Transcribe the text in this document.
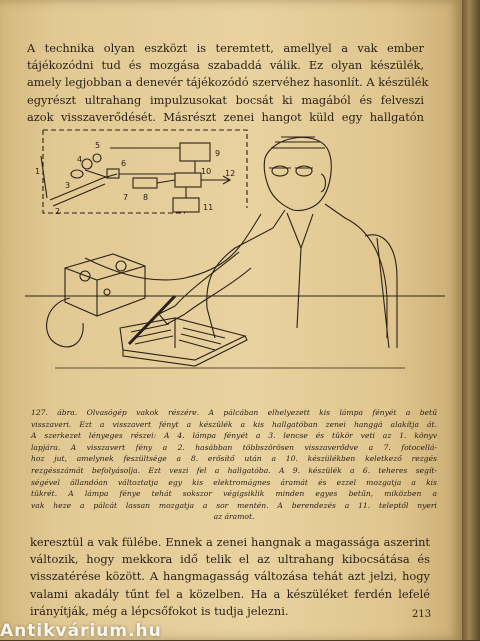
A technika olyan eszközt is teremtett, amellyel a vak ember
tájékozódni tud és mozgása szabaddá válik. Ez olyan készülék,
amely legjobban a denevér tájékozódó szervéhez hasonlít. A készülék
egyrészt ultrahang impulzusokat bocsát ki magából és felveszi
azok visszaverődését. Másrészt zenei hangot küld egy hallgatón
1
2
3
4
5
6
7 8
9
10
11
12
127. ábra. Olvasógép vakok részére. A pálcában elhelyezett kis lámpa fényét a betű
visszaveri. Ezt a visszavert fényt a készülék a kis hallgatóban zenei hanggá alakítja át.
A szerkezet lényeges részei: A 4. lámpa fényét a 3. lencse és tükör veti az 1. könyv
lapjára. A visszavert fény a 2. hasábban többszörösen visszaverődve a 7. fotocellá-
hoz jut, amelynek feszültsége a 8. erősítő után a 10. készülékben keletkező rezgés
rezgésszámát befolyásolja. Ezt veszi fel a hallgatóba. A 9. készülék a 6. teheres segít-
ségével állandóan változtatja egy kis elektromágnes áramát és ezzel mozgatja a kis
tükrét. A lámpa fénye tehát sokszor végigsiklik minden egyes betűn, miközben a
vak heze a pálcát lassan mozgatja a sor mentén. A berendezés a 11. teleptől nyeri
az áramot.
keresztül a vak fülébe. Ennek a zenei hangnak a magassága aszerint
változik, hogy mekkora idő telik el az ultrahang kibocsátása és
visszatérése között. A hangmagasság változása tehát azt jelzi, hogy
valami akadály tűnt fel a közelben. Ha a készüléket ferdén lefelé
irányítják, még a lépcsőfokot is tudja jelezni.	213
Antikvárium.hu
